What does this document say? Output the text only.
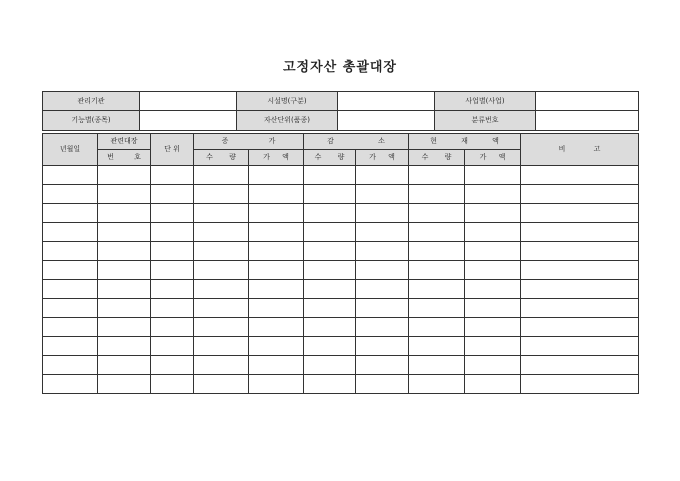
고정자산 총괄대장
관리기관		시설명(구분)		사업별(사업)	
기능별(종목)		자산단위(품종)		분류번호	
년월일	관련대장	단 위	증 가		감 소		현 재 액		비 고
	번 호		수 량	가 액	수 량	가 액	수 량	가 액	
